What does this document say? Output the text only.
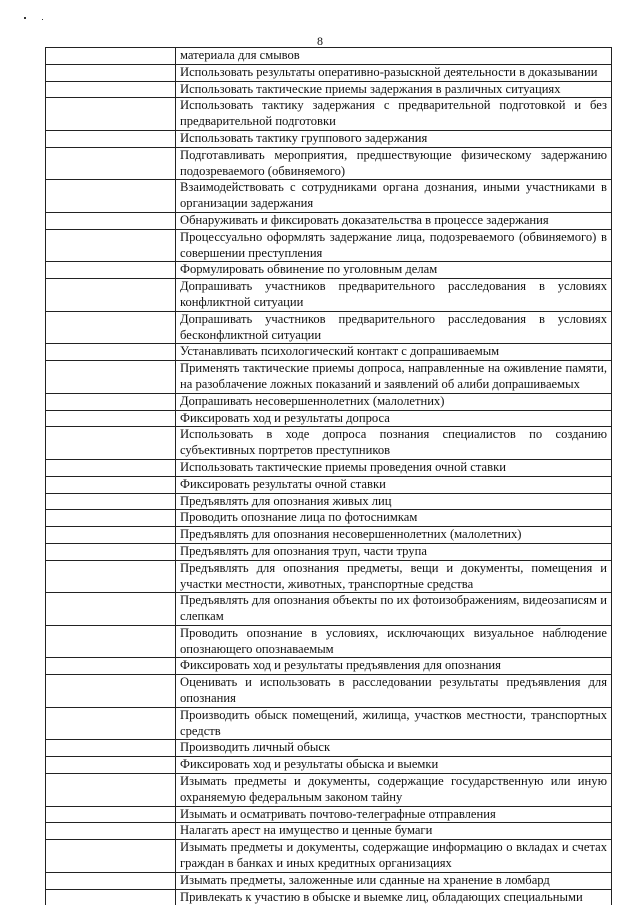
8
	материала для смывов
	Использовать результаты оперативно-разыскной деятельности в доказывании
	Использовать тактические приемы задержания в различных ситуациях
	Использовать тактику задержания с предварительной подготовкой и без предварительной подготовки
	Использовать тактику группового задержания
	Подготавливать мероприятия, предшествующие физическому задержанию подозреваемого (обвиняемого)
	Взаимодействовать с сотрудниками органа дознания, иными участниками в организации задержания
	Обнаруживать и фиксировать доказательства в процессе задержания
	Процессуально оформлять задержание лица, подозреваемого (обвиняемого) в совершении преступления
	Формулировать обвинение по уголовным делам
	Допрашивать участников предварительного расследования в условиях конфликтной ситуации
	Допрашивать участников предварительного расследования в условиях бесконфликтной ситуации
	Устанавливать психологический контакт с допрашиваемым
	Применять тактические приемы допроса, направленные на оживление памяти, на разоблачение ложных показаний и заявлений об алиби допрашиваемых
	Допрашивать несовершеннолетних (малолетних)
	Фиксировать ход и результаты допроса
	Использовать в ходе допроса познания специалистов по созданию субъективных портретов преступников
	Использовать тактические приемы проведения очной ставки
	Фиксировать результаты очной ставки
	Предъявлять для опознания живых лиц
	Проводить опознание лица по фотоснимкам
	Предъявлять для опознания несовершеннолетних (малолетних)
	Предъявлять для опознания труп, части трупа
	Предъявлять для опознания предметы, вещи и документы, помещения и участки местности, животных, транспортные средства
	Предъявлять для опознания объекты по их фотоизображениям, видеозаписям и слепкам
	Проводить опознание в условиях, исключающих визуальное наблюдение опознающего опознаваемым
	Фиксировать ход и результаты предъявления для опознания
	Оценивать и использовать в расследовании результаты предъявления для опознания
	Производить обыск помещений, жилища, участков местности, транспортных средств
	Производить личный обыск
	Фиксировать ход и результаты обыска и выемки
	Изымать предметы и документы, содержащие государственную или иную охраняемую федеральным законом тайну
	Изымать и осматривать почтово-телеграфные отправления
	Налагать арест на имущество и ценные бумаги
	Изымать предметы и документы, содержащие информацию о вкладах и счетах граждан в банках и иных кредитных организациях
	Изымать предметы, заложенные или сданные на хранение в ломбард
	Привлекать к участию в обыске и выемке лиц, обладающих специальными
